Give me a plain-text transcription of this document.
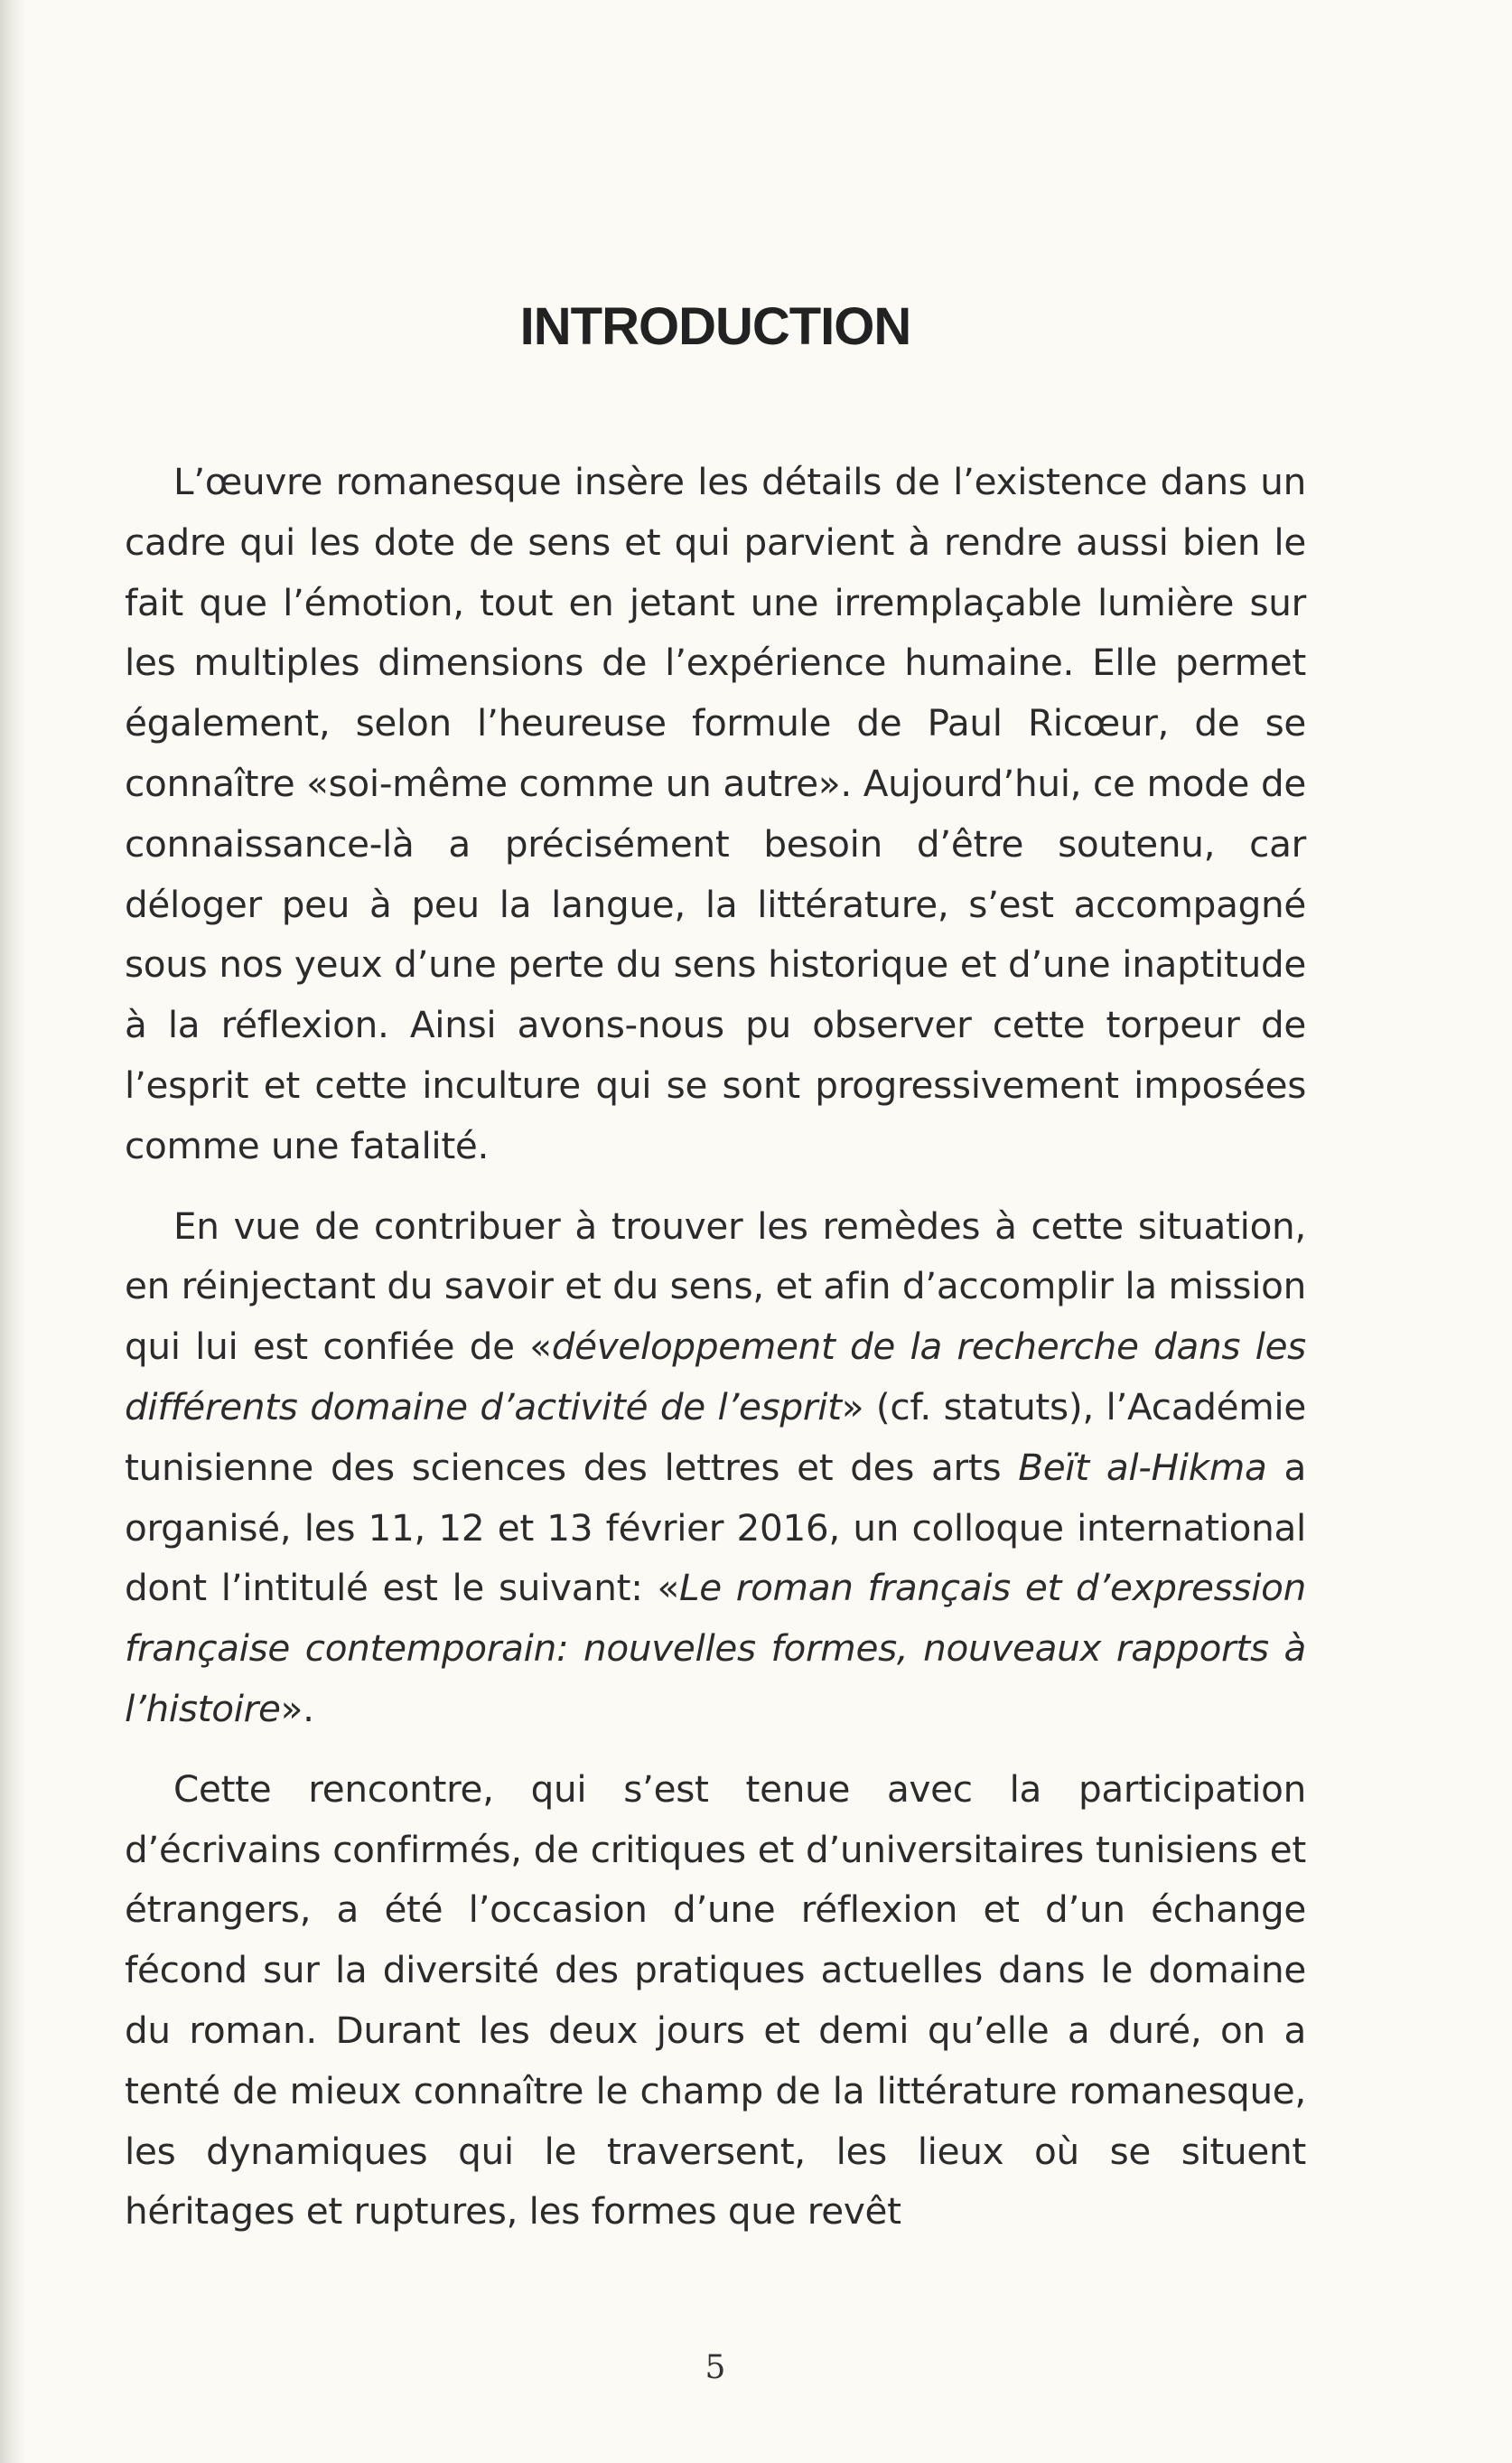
INTRODUCTION

L’œuvre romanesque insère les détails de l’existence dans un cadre qui les dote de sens et qui parvient à rendre aussi bien le fait que l’émotion, tout en jetant une irremplaçable lumière sur les multiples dimensions de l’expérience humaine. Elle permet également, selon l’heureuse formule de Paul Ricœur, de se connaître «soi-même comme un autre». Aujourd’hui, ce mode de connaissance-là a précisément besoin d’être soutenu, car déloger peu à peu la langue, la littérature, s’est accompagné sous nos yeux d’une perte du sens historique et d’une inaptitude à la réflexion. Ainsi avons-nous pu observer cette torpeur de l’esprit et cette inculture qui se sont progressivement imposées comme une fatalité.

En vue de contribuer à trouver les remèdes à cette situation, en réinjectant du savoir et du sens, et afin d’accomplir la mission qui lui est confiée de «développement de la recherche dans les différents domaine d’activité de l’esprit» (cf. statuts), l’Académie tunisienne des sciences des lettres et des arts Beït al-Hikma a organisé, les 11, 12 et 13 février 2016, un colloque international dont l’intitulé est le suivant: «Le roman français et d’expression française contemporain: nouvelles formes, nouveaux rapports à l’histoire».

Cette rencontre, qui s’est tenue avec la participation d’écrivains confirmés, de critiques et d’universitaires tunisiens et étrangers, a été l’occasion d’une réflexion et d’un échange fécond sur la diversité des pratiques actuelles dans le domaine du roman. Durant les deux jours et demi qu’elle a duré, on a tenté de mieux connaître le champ de la littérature romanesque, les dynamiques qui le traversent, les lieux où se situent héritages et ruptures, les formes que revêt

5
